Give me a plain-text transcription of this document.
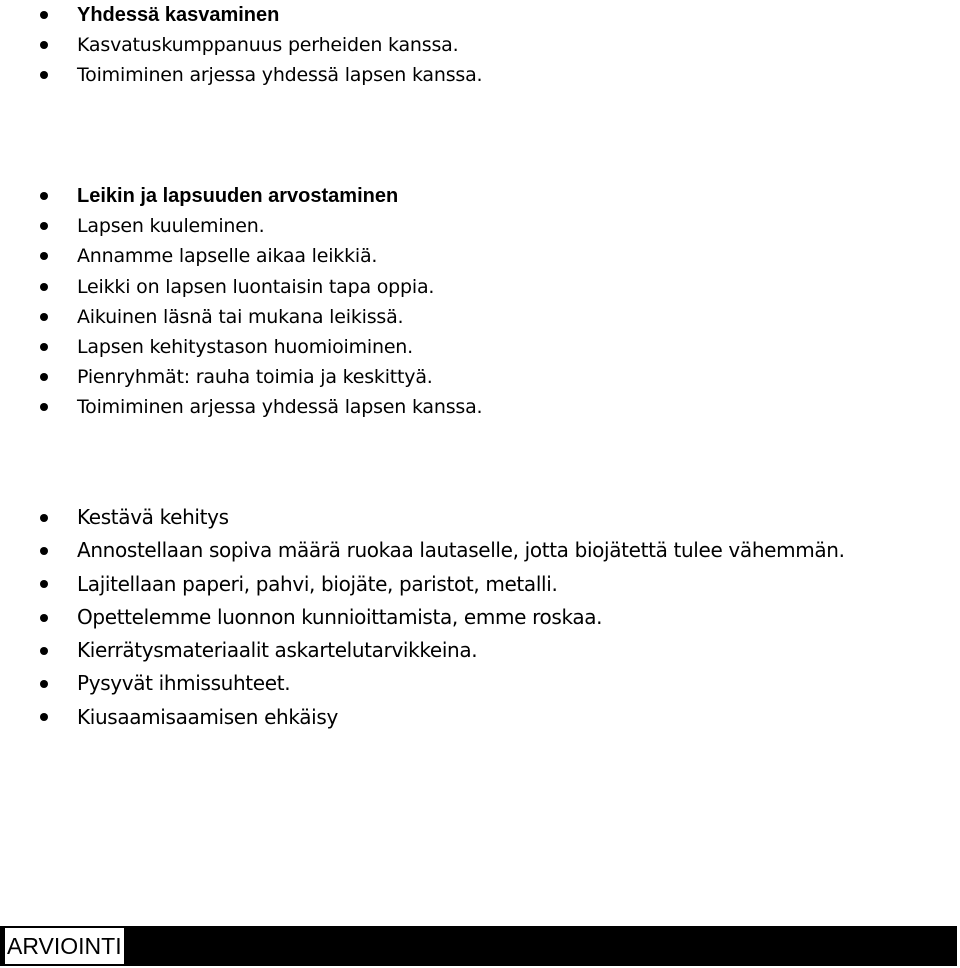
Yhdessä kasvaminen
Kasvatuskumppanuus perheiden kanssa.
Toimiminen arjessa yhdessä lapsen kanssa.
Leikin ja lapsuuden arvostaminen
Lapsen kuuleminen.
Annamme lapselle aikaa leikkiä.
Leikki on lapsen luontaisin tapa oppia.
Aikuinen läsnä tai mukana leikissä.
Lapsen kehitystason huomioiminen.
Pienryhmät: rauha toimia ja keskittyä.
Toimiminen arjessa yhdessä lapsen kanssa.
Kestävä kehitys
Annostellaan sopiva määrä ruokaa lautaselle, jotta biojätettä tulee vähemmän.
Lajitellaan paperi, pahvi, biojäte, paristot, metalli.
Opettelemme luonnon kunnioittamista, emme roskaa.
Kierrätysmateriaalit askartelutarvikkeina.
Pysyvät ihmissuhteet.
Kiusaamisaamisen ehkäisy
ARVIOINTI
